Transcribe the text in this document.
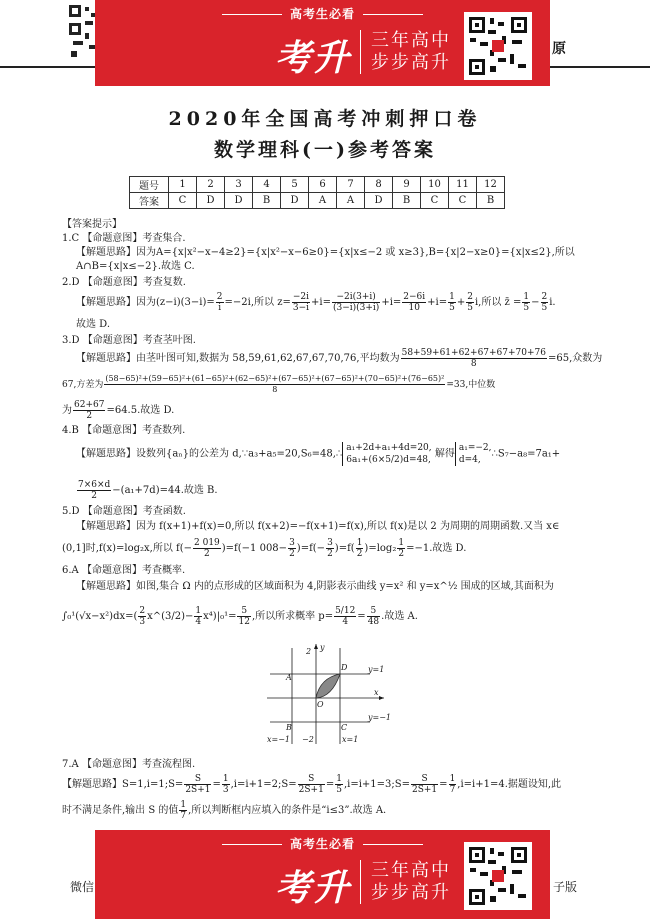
原
高考生必看
考升 三年高中
步步高升
2020年全国高考冲刺押口卷
数学理科(一)参考答案
题号	1	2	3	4	5	6	7	8	9	10	11	12
答案	C	D	D	B	D	A	A	D	B	C	C	B
【答案提示】
1.C 【命题意图】考查集合.
【解题思路】因为A={x|x²−x−4≥2}={x|x²−x−6≥0}={x|x≤−2 或 x≥3},B={x|2−x≥0}={x|x≤2},所以
A∩B={x|x≤−2}.故选 C.
2.D 【命题意图】考查复数.
【解题思路】因为$(z-i)(3-i)= \frac{2}{i} =-2i$,所以 $z= \frac{-2i}{3-i} +i= \frac{-2i(3+i)}{(3-i)(3+i)} +i= \frac{2-6i}{10} +i= \frac{1}{5} + \frac{2}{5} i$,所以 z̄ = $\frac{1}{5} - \frac{2}{5} i$.
故选 D.
3.D 【命题意图】考查茎叶图.
【解题思路】由茎叶图可知,数据为 58,59,61,62,67,67,70,76,平均数为 $\frac{58+59+61+62+67+67+70+76}{8} =65$,众数为
67,方差为
(58−65)²+(59−65)²+(61−65)²+(62−65)²+(67−65)²+(67−65)²+(70−65)²+(76−65)²
8	=33,中位数
为 $\frac{62+67}{2} =64.5$.故选 D.
4.B 【命题意图】考查数列.
【解题思路】设数列{aₙ}的公差为 d,∵a₃+a₅=20,S₆=48,∴
a₁+2d+a₁+4d=20,
6a₁+(6×5/2)d=48,
解得
a₁=−2,
d=4,
∴S₇−a₈=7a₁+
$\frac{7\times 6\times d}{2} -(a_1+7d)=44$.故选 B.
5.D 【命题意图】考查函数.
【解题思路】因为 f(x+1)+f(x)=0,所以 f(x+2)=−f(x+1)=f(x),所以 f(x)是以 2 为周期的周期函数.又当 x∈
(0,1]时,f(x)=log₂x,所以 $f(- \frac{2 019}{2} )=f(-1$ $008- \frac{3}{2} )=f(- \frac{3}{2} )=f( \frac{1}{2} )=\log_2 \frac{1}{2} =-1$.故选 D.
6.A 【命题意图】考查概率.
【解题思路】如图,集合 Ω 内的点形成的区域面积为 4,阴影表示曲线 y=x² 和 y=x^½ 围成的区域,其面积为
$\int_0^1(√x-x^2)dx=( \frac{2}{3}$ x^(3/2)− $\frac{1}{4} x^4)|_0^1= \frac{5}{12}$ ,所以所求概率 $p= \frac{5/12}{4} = \frac{5}{48}$ .故选 A.
y
x
A
B	C
D
O
2
−2
y=1
y=−1
x=−1	x=1
7.A 【命题意图】考查流程图.
【解题思路】S=1,i=1;S= $\frac{S}{2S+1} = \frac{1}{3}$ ,i=i+1=2;S= $\frac{S}{2S+1} = \frac{1}{5}$ ,i=i+1=3;S= $\frac{S}{2S+1} = \frac{1}{7} ,i=i+1=4$.据题设知,此
时不满足条件,输出 S 的值 $\frac{1}{7}$ ,所以判断框内应填入的条件是“i≤3”.故选 A.
微信	子版
高考生必看
考升 三年高中
步步高升
